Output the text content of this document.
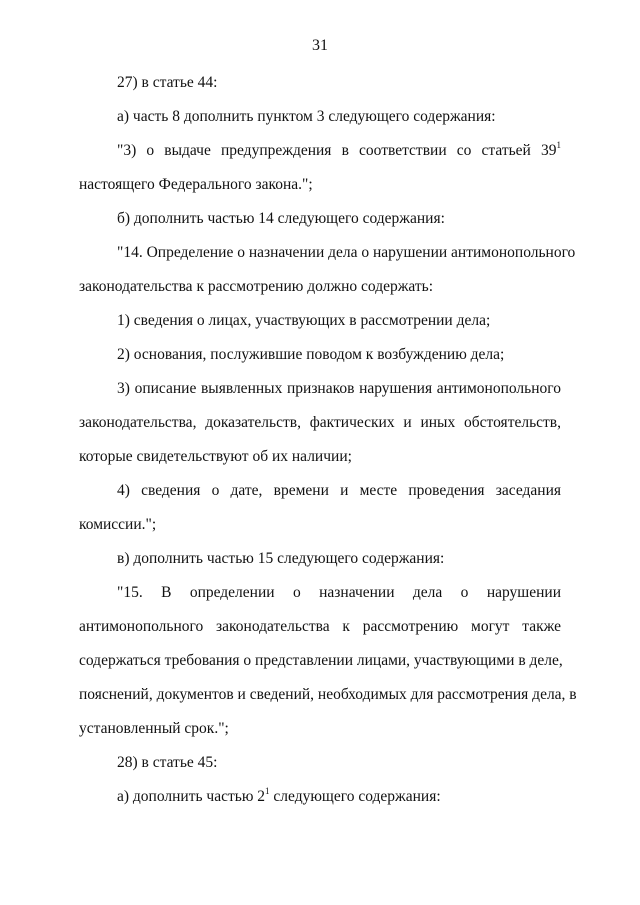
31
27) в статье 44:
а) часть 8 дополнить пунктом 3 следующего содержания:
"3) о выдаче предупреждения в соответствии со статьей $39^1$
настоящего Федерального закона.";
б) дополнить частью 14 следующего содержания:
"14. Определение о назначении дела о нарушении антимонопольного
законодательства к рассмотрению должно содержать:
1) сведения о лицах, участвующих в рассмотрении дела;
2) основания, послужившие поводом к возбуждению дела;
3) описание выявленных признаков нарушения антимонопольного
законодательства, доказательств, фактических и иных обстоятельств,
которые свидетельствуют об их наличии;
4) сведения о дате, времени и месте проведения заседания
комиссии.";
в) дополнить частью 15 следующего содержания:
"15. В определении о назначении дела о нарушении
антимонопольного законодательства к рассмотрению могут также
содержаться требования о представлении лицами, участвующими в деле,
пояснений, документов и сведений, необходимых для рассмотрения дела, в
установленный срок.";
28) в статье 45:
а) дополнить частью $2^1$ следующего содержания:
